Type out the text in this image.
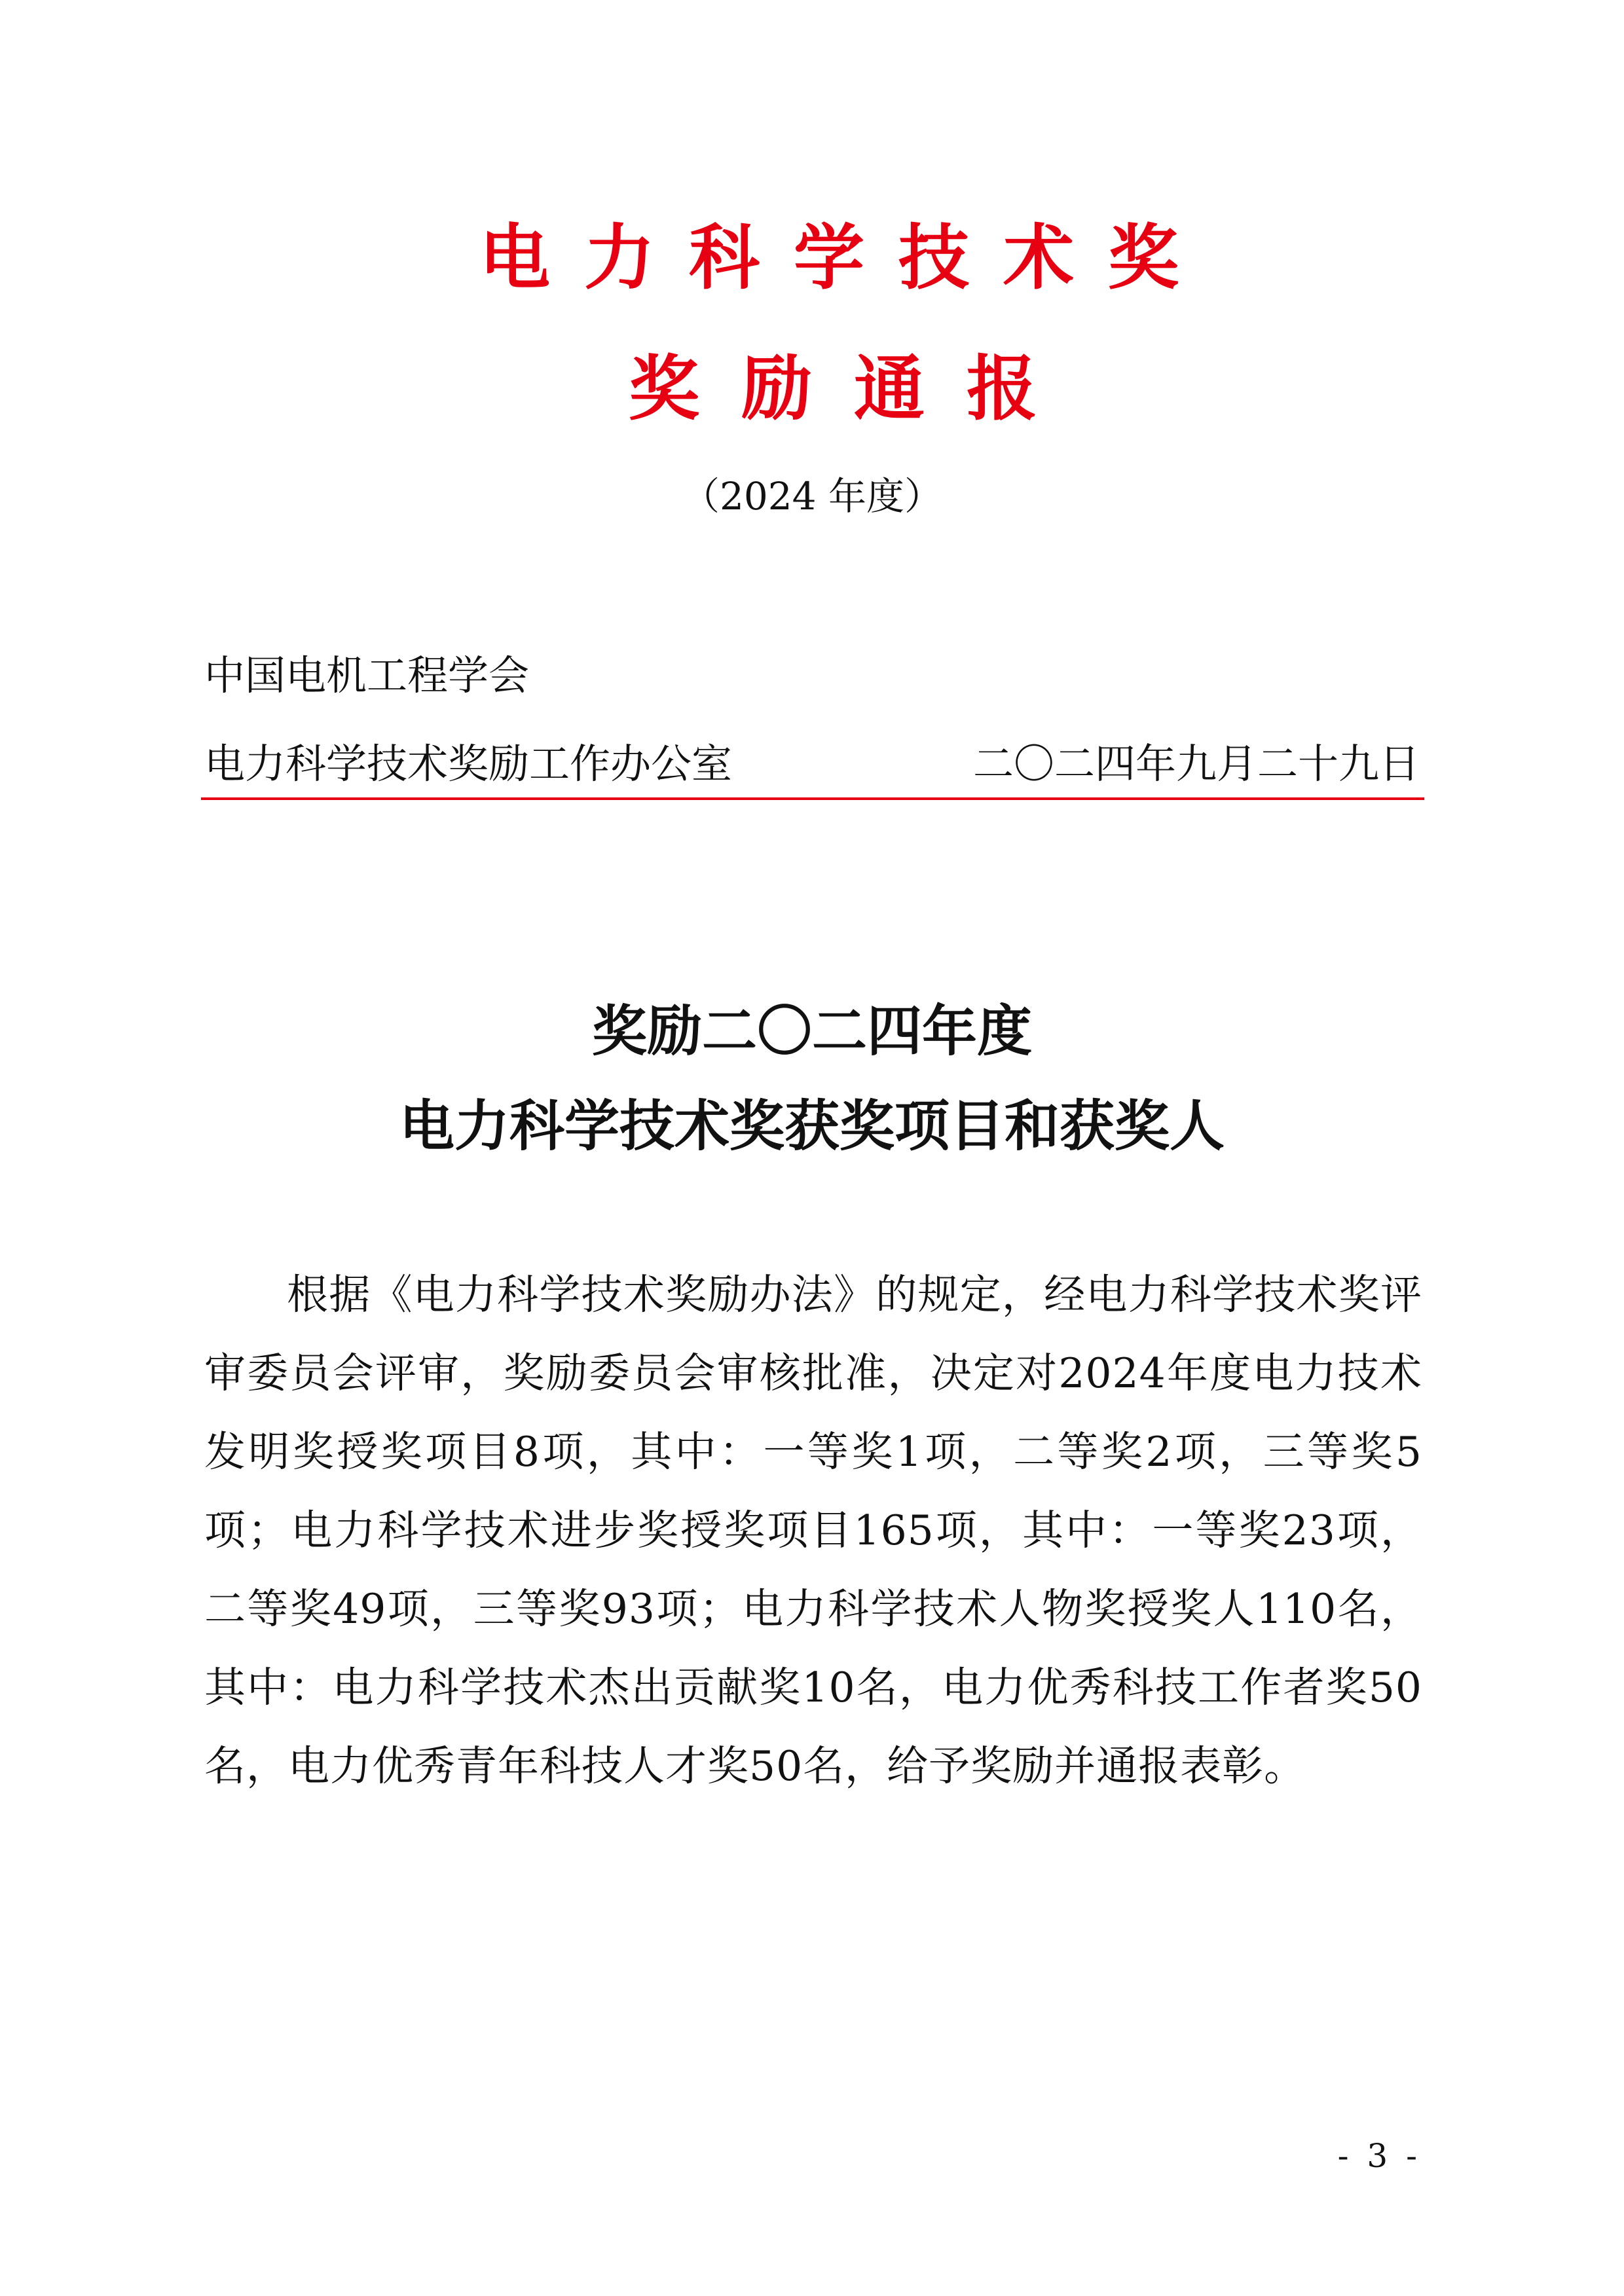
电力科学技术奖
奖励通报

（2024 年度）

中国电机工程学会

电力科学技术奖励工作办公室	二〇二四年九月二十九日

奖励二〇二四年度
电力科学技术奖获奖项目和获奖人

根据《电力科学技术奖励办法》的规定，经电力科学技术奖评审委员会评审，奖励委员会审核批准，决定对2024年度电力技术发明奖授奖项目8项，其中：一等奖1项，二等奖2项，三等奖5项；电力科学技术进步奖授奖项目165项，其中：一等奖23项，二等奖49项，三等奖93项；电力科学技术人物奖授奖人110名，其中：电力科学技术杰出贡献奖10名，电力优秀科技工作者奖50名，电力优秀青年科技人才奖50名，给予奖励并通报表彰。

- 3 -
